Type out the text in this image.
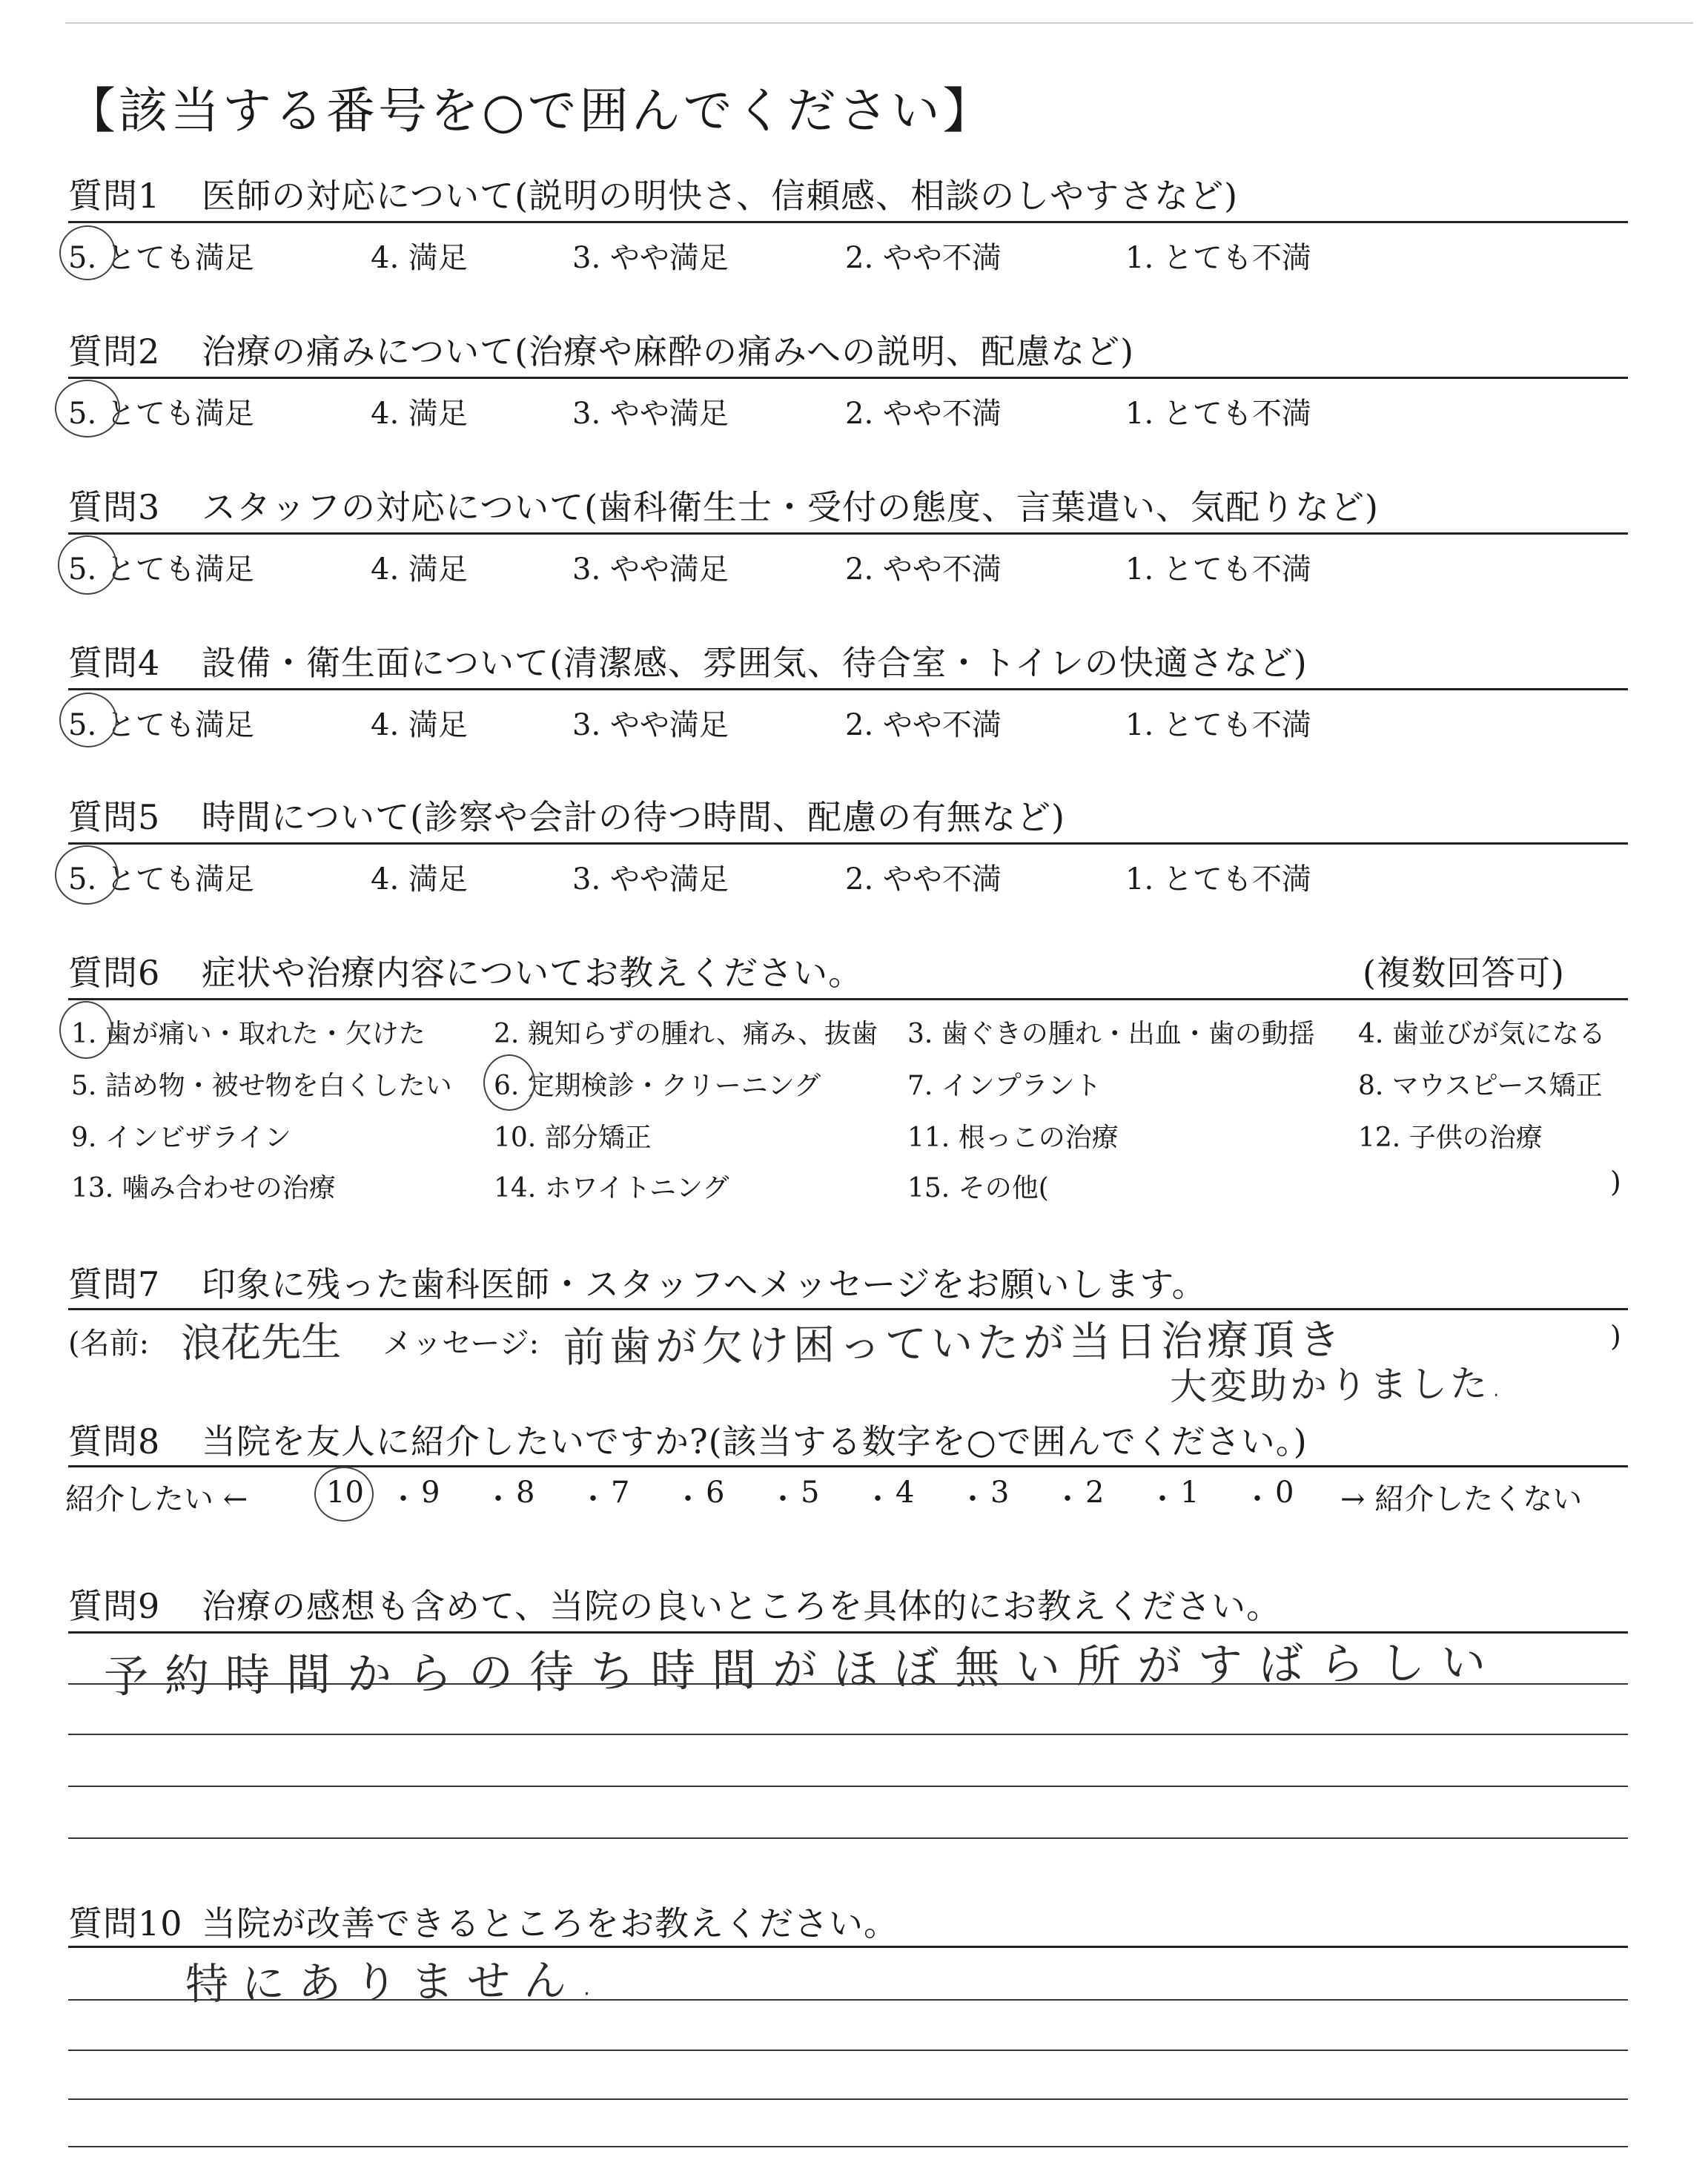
【該当する番号を○で囲んでください】
質問1 医師の対応について(説明の明快さ、信頼感、相談のしやすさなど)
5. とても満足	4. 満足	3. やや満足	2. やや不満	1. とても不満
質問2 治療の痛みについて(治療や麻酔の痛みへの説明、配慮など)
5. とても満足	4. 満足	3. やや満足	2. やや不満	1. とても不満
質問3 スタッフの対応について(歯科衛生士・受付の態度、言葉遣い、気配りなど)
5. とても満足	4. 満足	3. やや満足	2. やや不満	1. とても不満
質問4 設備・衛生面について(清潔感、雰囲気、待合室・トイレの快適さなど)
5. とても満足	4. 満足	3. やや満足	2. やや不満	1. とても不満
質問5 時間について(診察や会計の待つ時間、配慮の有無など)
5. とても満足	4. 満足	3. やや満足	2. やや不満	1. とても不満
質問6 症状や治療内容についてお教えください。	(複数回答可)
1. 歯が痛い・取れた・欠けた	2. 親知らずの腫れ、痛み、抜歯 3. 歯ぐきの腫れ・出血・歯の動揺 4. 歯並びが気になる
5. 詰め物・被せ物を白くしたい 6. 定期検診・クリーニング	7. インプラント	8. マウスピース矯正
9. インビザライン	10. 部分矯正	11. 根っこの治療	12. 子供の治療
13. 噛み合わせの治療	14. ホワイトニング	15. その他(	)
質問7 印象に残った歯科医師・スタッフへメッセージをお願いします。
(名前: 浪花先生 メッセージ: 前歯が欠け困っていたが当日治療頂き
大変助かりました.
)
質問8 当院を友人に紹介したいですか?(該当する数字を○で囲んでください。)
紹介したい ←	10 ・ 9 ・ 8 ・ 7 ・ 6 ・ 5 ・ 4 ・ 3 ・ 2 ・ 1 ・ 0 → 紹介したくない
質問9 治療の感想も含めて、当院の良いところを具体的にお教えください。
予約時間からの待ち時間がほぼ無い所がすばらしい
質問10 当院が改善できるところをお教えください。
特にありません.
